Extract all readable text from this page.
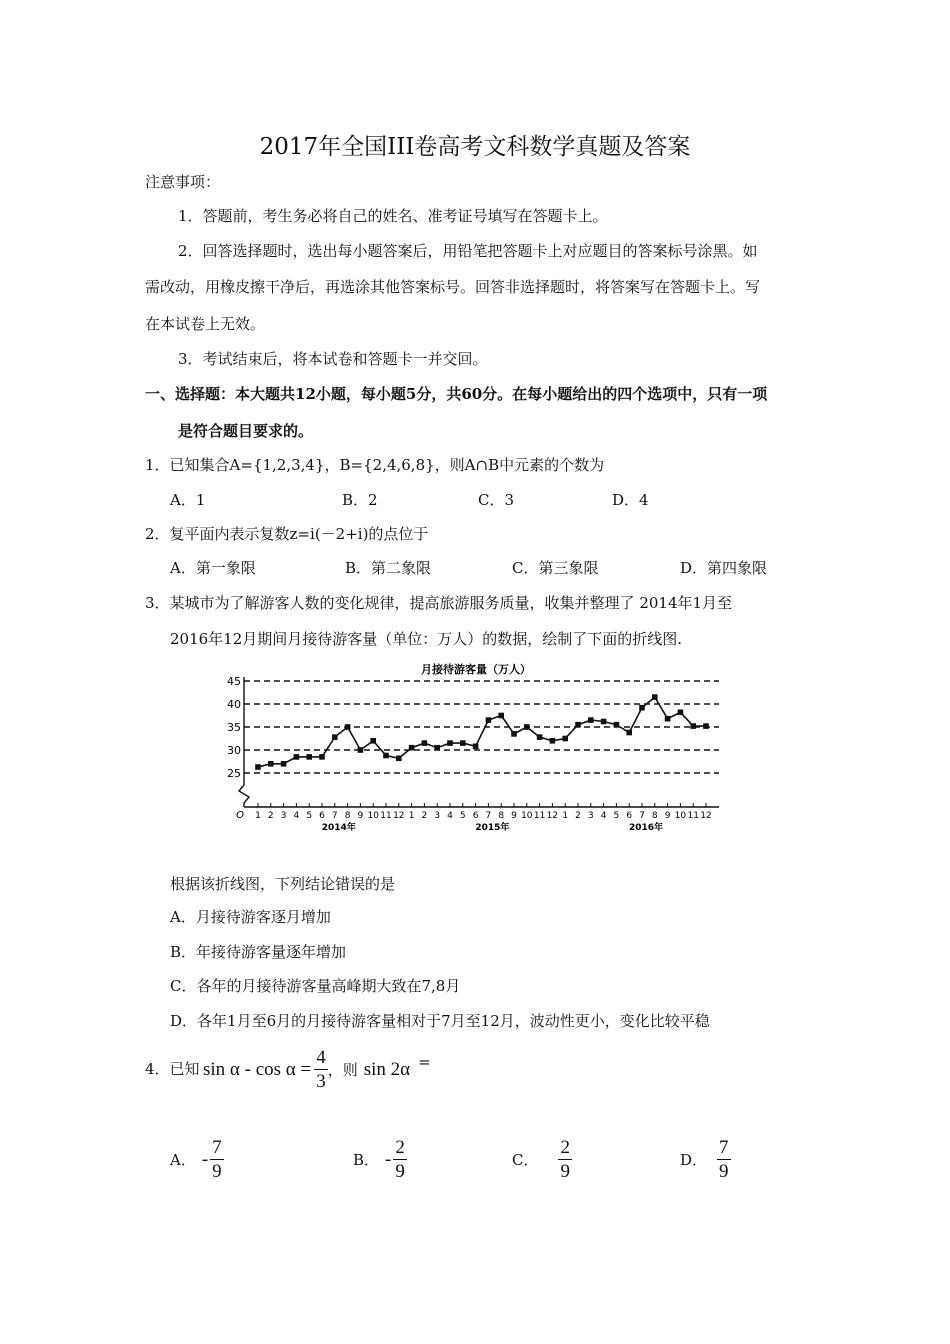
2017年全国III卷高考文科数学真题及答案
注意事项：
1．答题前，考生务必将自己的姓名、准考证号填写在答题卡上。
2．回答选择题时，选出每小题答案后，用铅笔把答题卡上对应题目的答案标号涂黑。如
需改动，用橡皮擦干净后，再选涂其他答案标号。回答非选择题时，将答案写在答题卡上。写
在本试卷上无效。
3．考试结束后，将本试卷和答题卡一并交回。
一、选择题：本大题共12小题，每小题5分，共60分。在每小题给出的四个选项中，只有一项
是符合题目要求的。
1．已知集合A={1,2,3,4}，B={2,4,6,8}，则A∩B中元素的个数为
A．1	B．2	C．3	D．4
2．复平面内表示复数z=i(－2+i)的点位于
A．第一象限	B．第二象限	C．第三象限	D．第四象限
3．某城市为了解游客人数的变化规律，提高旅游服务质量，收集并整理了 2014年1月至
2016年12月期间月接待游客量（单位：万人）的数据，绘制了下面的折线图.
月接待游客量（万人）
25
30
35
40
45
O 1 2 3 4 5 6 7 8 9 10 11 12 1 2 3 4 5 6 7 8 9 10 11 12 1 2 3 4 5 6 7 8 9 10 11 12
2014年	2015年	2016年
根据该折线图，下列结论错误的是
A．月接待游客逐月增加
B．年接待游客量逐年增加
C．各年的月接待游客量高峰期大致在7,8月
D．各年1月至6月的月接待游客量相对于7月至12月，波动性更小，变化比较平稳
4．已知 $\sin \alpha - \cos \alpha = \frac{4}{3}$ ，则 sin 2α =
A． - $\frac{7}{9}$	B． - $\frac{2}{9}$	C． $\frac{2}{9}$	D． $\frac{7}{9}$
